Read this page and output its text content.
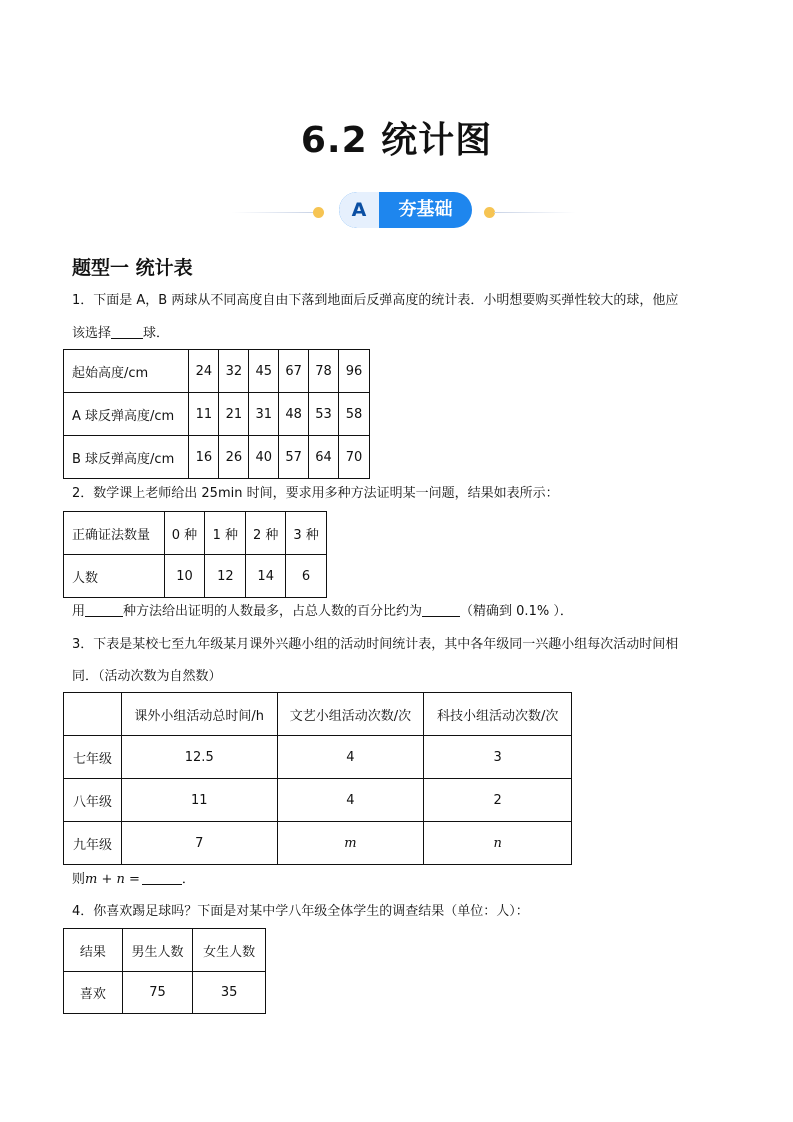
6.2 统计图
A	夯基础
题型一 统计表
1．下面是 A，B 两球从不同高度自由下落到地面后反弹高度的统计表．小明想要购买弹性较大的球，他应
该选择 球．
起始高度/cm	24	32	45	67	78	96
A 球反弹高度/cm	11	21	31	48	53	58
B 球反弹高度/cm	16	26	40	57	64	70
2．数学课上老师给出 25min 时间，要求用多种方法证明某一问题，结果如表所示：
正确证法数量	0 种	1 种	2 种	3 种
人数	10	12	14	6
用	种方法给出证明的人数最多，占总人数的百分比约为	（精确到 0.1% ）．
3．下表是某校七至九年级某月课外兴趣小组的活动时间统计表，其中各年级同一兴趣小组每次活动时间相
同．（活动次数为自然数）
	课外小组活动总时间/h	文艺小组活动次数/次	科技小组活动次数/次
七年级	12.5	4	3
八年级	11	4	2
九年级	7	m	n
则m + n =	．
4．你喜欢踢足球吗？下面是对某中学八年级全体学生的调查结果（单位：人）：
结果	男生人数	女生人数
喜欢	75	35
